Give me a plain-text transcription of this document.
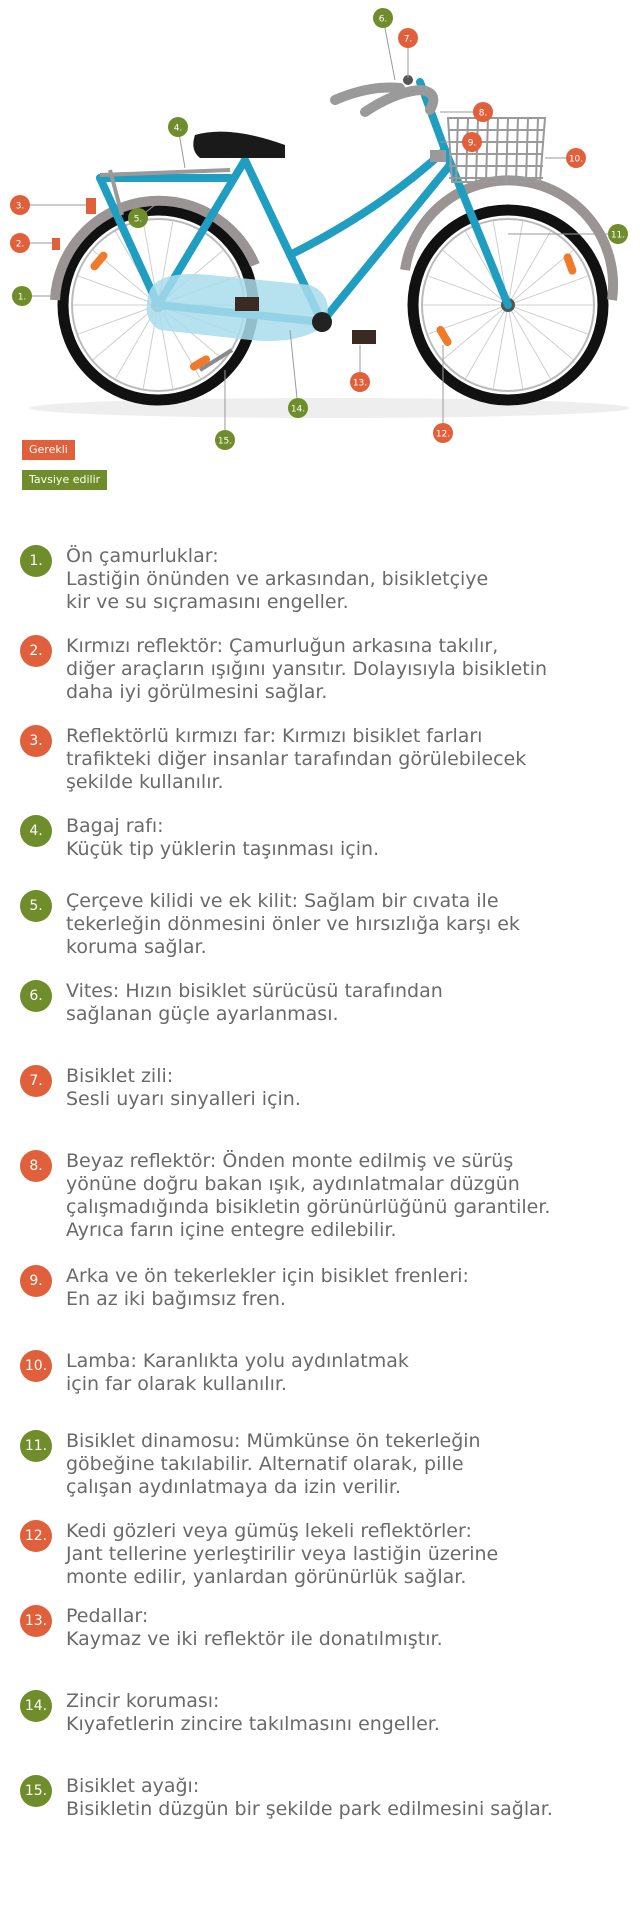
1.
2.
3.
4.
5.
6.
7.
8.
9.
10.
11.
12.
13.
14.
15.
Gerekli
Tavsiye edilir
1.	Ön çamurluklar:
Lastiğin önünden ve arkasından, bisikletçiye
kir ve su sıçramasını engeller.
2.	Kırmızı reflektör: Çamurluğun arkasına takılır,
diğer araçların ışığını yansıtır. Dolayısıyla bisikletin
daha iyi görülmesini sağlar.
3.	Reflektörlü kırmızı far: Kırmızı bisiklet farları
trafikteki diğer insanlar tarafından görülebilecek
şekilde kullanılır.
4.	Bagaj rafı:
Küçük tip yüklerin taşınması için.
5.	Çerçeve kilidi ve ek kilit: Sağlam bir cıvata ile
tekerleğin dönmesini önler ve hırsızlığa karşı ek
koruma sağlar.
6.	Vites: Hızın bisiklet sürücüsü tarafından
sağlanan güçle ayarlanması.
7.	Bisiklet zili:
Sesli uyarı sinyalleri için.
8.	Beyaz reflektör: Önden monte edilmiş ve sürüş
yönüne doğru bakan ışık, aydınlatmalar düzgün
çalışmadığında bisikletin görünürlüğünü garantiler.
Ayrıca farın içine entegre edilebilir.
9.	Arka ve ön tekerlekler için bisiklet frenleri:
En az iki bağımsız fren.
10. Lamba: Karanlıkta yolu aydınlatmak
için far olarak kullanılır.
11. Bisiklet dinamosu: Mümkünse ön tekerleğin
göbeğine takılabilir. Alternatif olarak, pille
çalışan aydınlatmaya da izin verilir.
12. Kedi gözleri veya gümüş lekeli reflektörler:
Jant tellerine yerleştirilir veya lastiğin üzerine
monte edilir, yanlardan görünürlük sağlar.
13. Pedallar:
Kaymaz ve iki reflektör ile donatılmıştır.
14. Zincir koruması:
Kıyafetlerin zincire takılmasını engeller.
15. Bisiklet ayağı:
Bisikletin düzgün bir şekilde park edilmesini sağlar.
